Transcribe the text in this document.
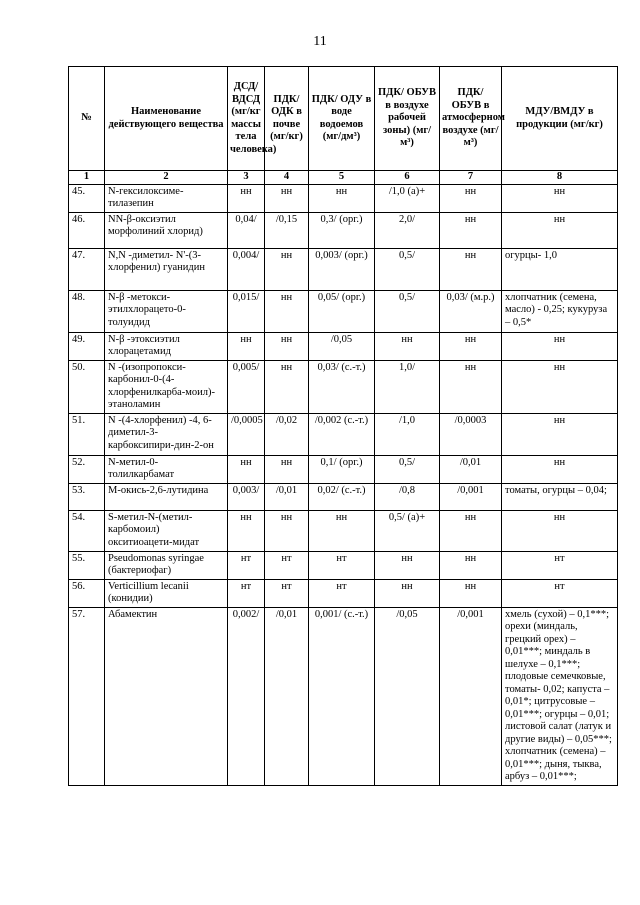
11
№	Наименование действующего вещества	ДСД/ ВДСД (мг/кг массы тела человека)	ПДК/ ОДК в почве (мг/кг)	ПДК/ ОДУ в воде водоемов (мг/дм³)	ПДК/ ОБУВ в воздухе рабочей зоны) (мг/м³)	ПДК/ ОБУВ в атмосферном воздухе (мг/м³)	МДУ/ВМДУ в продукции (мг/кг)
1	2	3	4	5	6	7	8
45.	N-гексилоксиме-тилазепин	нн	нн	нн	/1,0 (а)+	нн	нн
46.	NN-β-оксиэтил морфолиний хлорид)	0,04/	/0,15	0,3/ (орг.)	2,0/	нн	нн
47.	N,N -диметил- N'-(3-хлорфенил) гуанидин	0,004/	нн	0,003/ (орг.)	0,5/	нн	огурцы- 1,0
48.	N-β -метокси-этилхлорацето-0-толуидид	0,015/	нн	0,05/ (орг.)	0,5/	0,03/ (м.р.)	хлопчатник (семена, масло) - 0,25; кукуруза – 0,5*
49.	N-β -этоксиэтил хлорацетамид	нн	нн	/0,05	нн	нн	нн
50.	N -(изопропокси-карбонил-0-(4-хлорфенилкарба-моил)-этаноламин	0,005/	нн	0,03/ (с.-т.)	1,0/	нн	нн
51.	N -(4-хлорфенил) -4, 6-диметил-3-карбоксипири-дин-2-он	/0,0005	/0,02	/0,002 (с.-т.)	/1,0	/0,0003	нн
52.	N-метил-0-толилкарбамат	нн	нн	0,1/ (орг.)	0,5/	/0,01	нн
53.	М-окись-2,6-лутидина	0,003/	/0,01	0,02/ (с.-т.)	/0,8	/0,001	томаты, огурцы – 0,04;
54.	S-метил-N-(метил-карбомоил) окситиоацети-мидат	нн	нн	нн	0,5/ (а)+	нн	нн
55.	Pseudomonas syringae (бактериофаг)	нт	нт	нт	нн	нн	нт
56.	Verticillium lecanii (конидии)	нт	нт	нт	нн	нн	нт
57.	Абамектин	0,002/	/0,01	0,001/ (с.-т.)	/0,05	/0,001	хмель (сухой) – 0,1***; орехи (миндаль, грецкий орех) – 0,01***; миндаль в шелухе – 0,1***; плодовые семечковые, томаты- 0,02; капуста – 0,01*; цитрусовые – 0,01***; огурцы – 0,01; листовой салат (латук и другие виды) – 0,05***; хлопчатник (семена) – 0,01***; дыня, тыква, арбуз – 0,01***;
